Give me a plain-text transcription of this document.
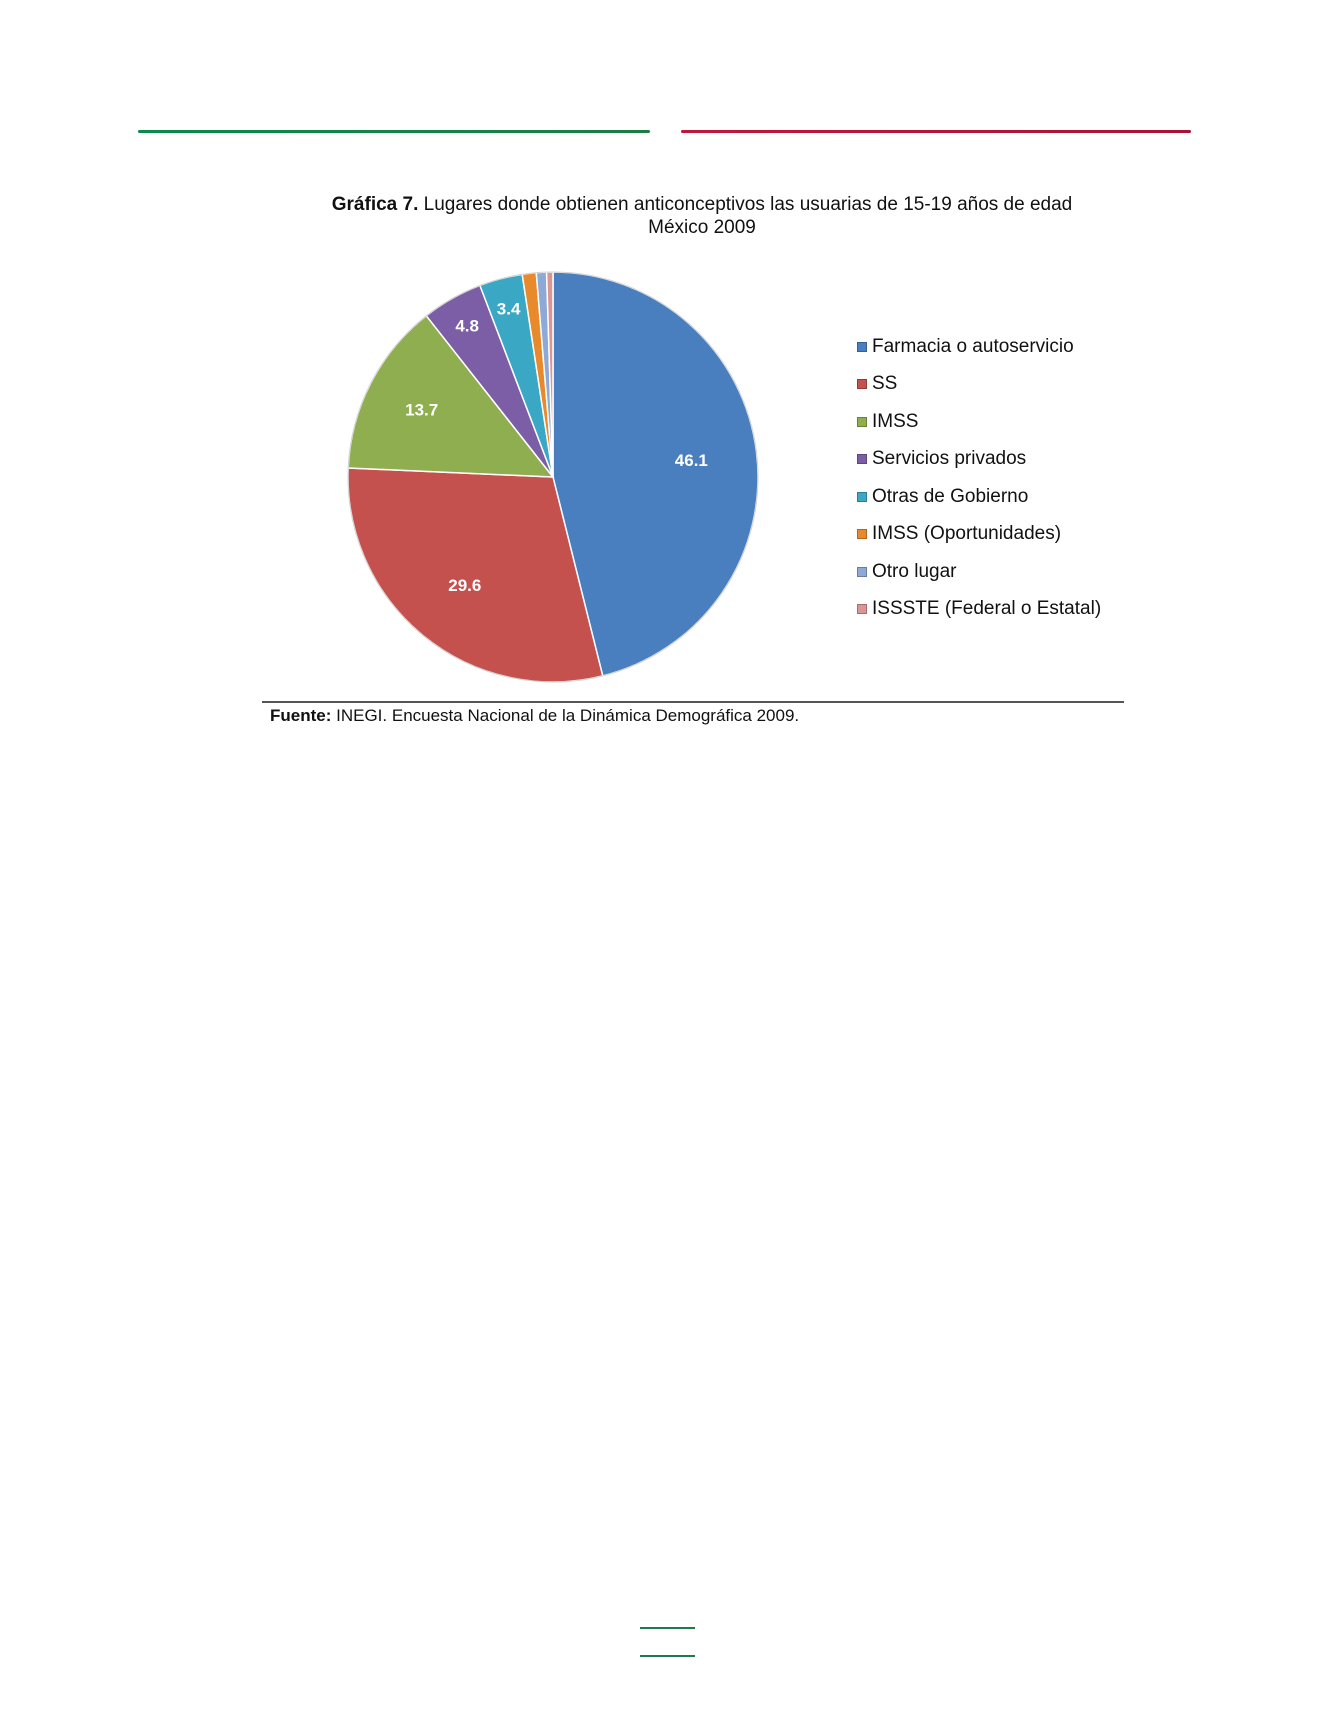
Gráfica 7. Lugares donde obtienen anticonceptivos las usuarias de 15-19 años de edad
México 2009
46.1
29.6
13.7
4.8
3.4
Farmacia o autoservicio
SS
IMSS
Servicios privados
Otras de Gobierno
IMSS (Oportunidades)
Otro lugar
ISSSTE (Federal o Estatal)
Fuente: INEGI. Encuesta Nacional de la Dinámica Demográfica 2009.
